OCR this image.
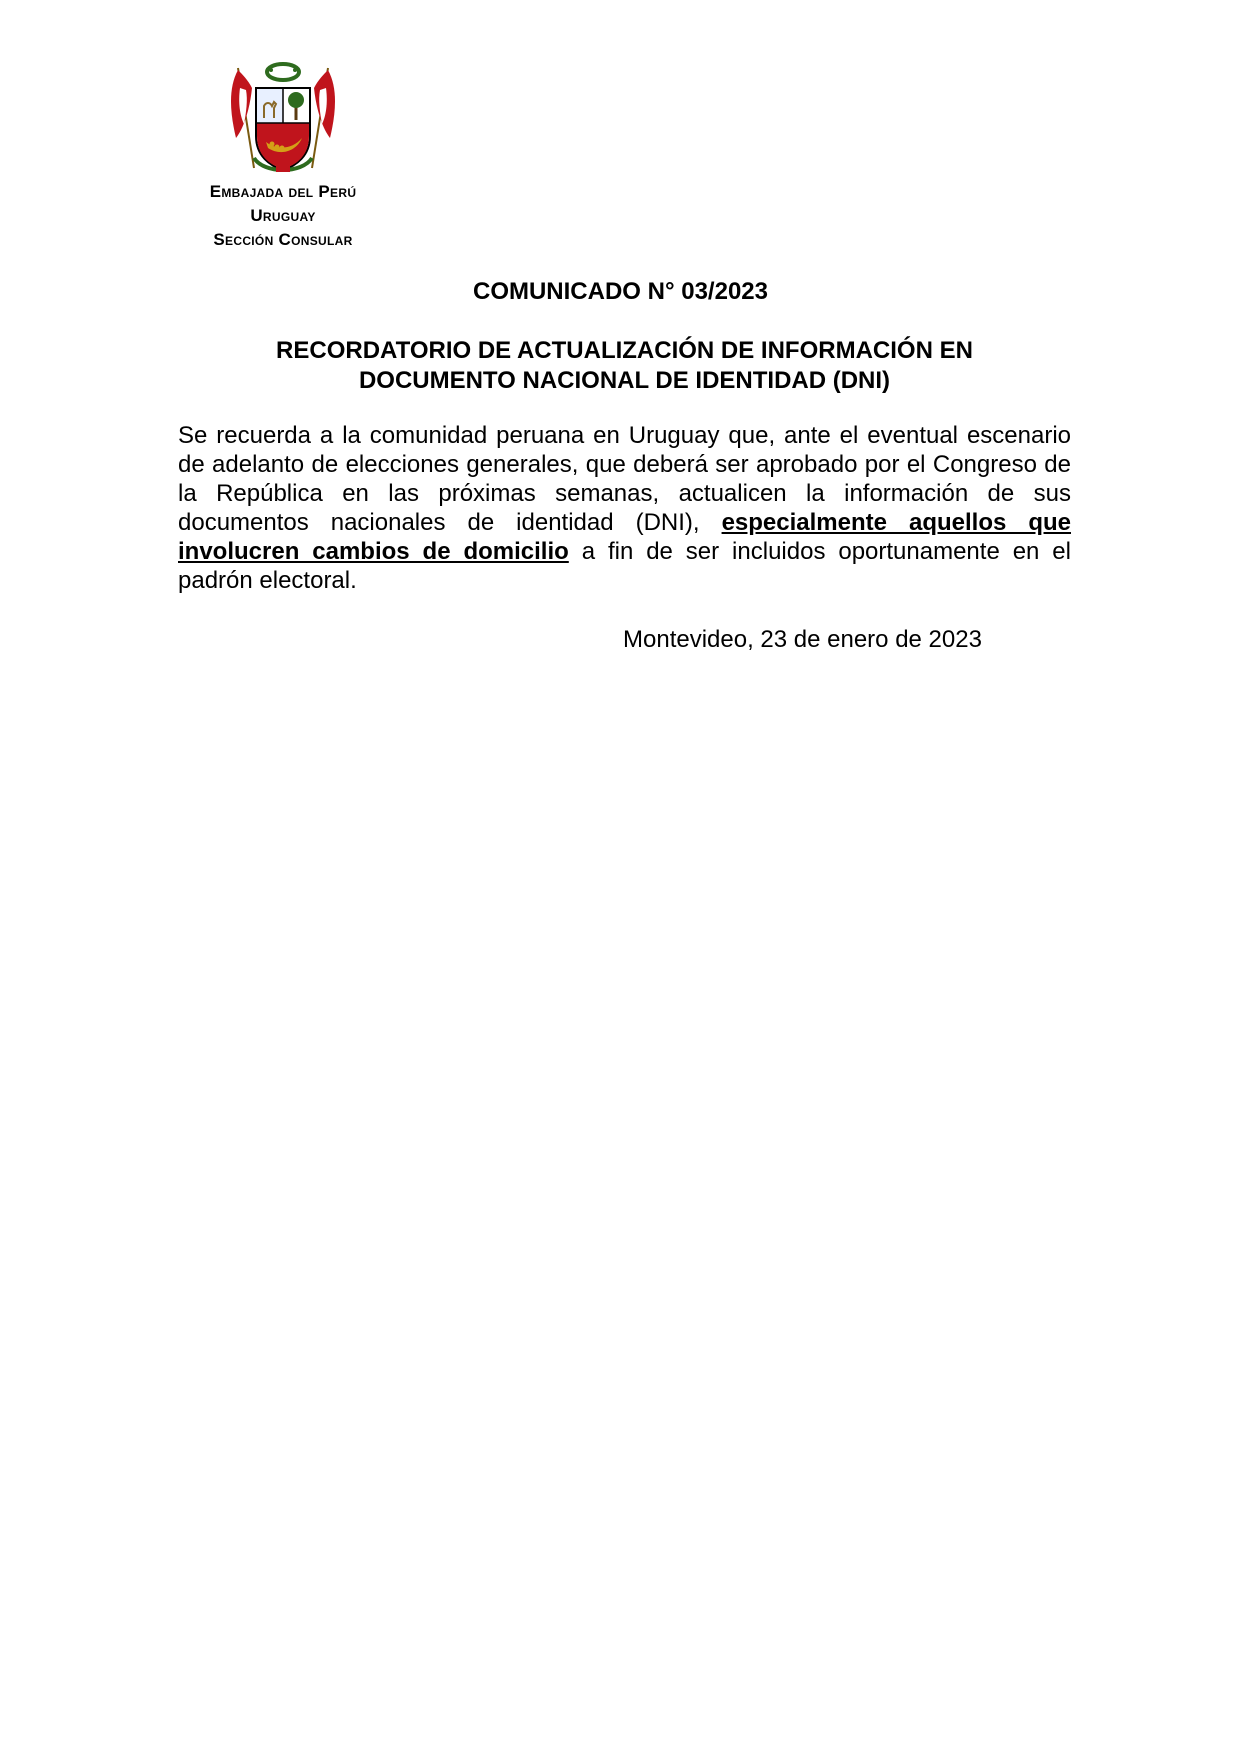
Embajada del Perú
Uruguay
Sección Consular

COMUNICADO N° 03/2023

RECORDATORIO DE ACTUALIZACIÓN DE INFORMACIÓN EN
DOCUMENTO NACIONAL DE IDENTIDAD (DNI)

Se recuerda a la comunidad peruana en Uruguay que, ante el eventual escenario de adelanto de elecciones generales, que deberá ser aprobado por el Congreso de la República en las próximas semanas, actualicen la información de sus documentos nacionales de identidad (DNI), especialmente aquellos que involucren cambios de domicilio a fin de ser incluidos oportunamente en el padrón electoral.

Montevideo, 23 de enero de 2023
